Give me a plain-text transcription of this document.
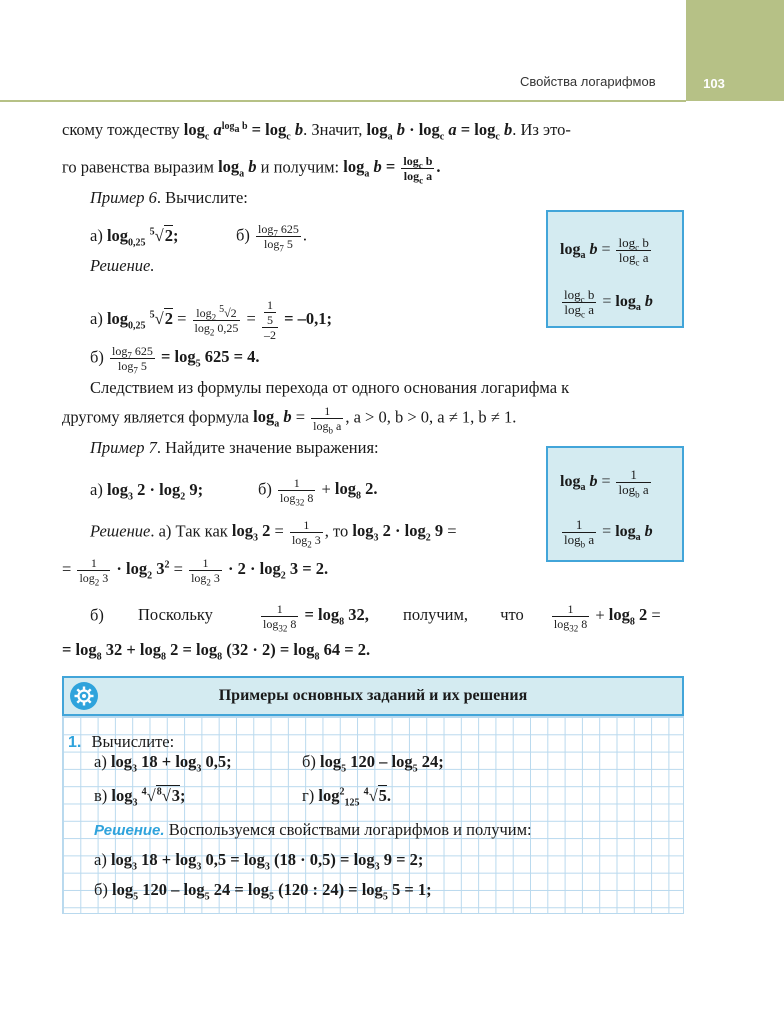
Свойства логарифмов	103
скому тождеству $\log_c a^{log_a b} = \log_c b$. Значит, $\log_a b \cdot \log_c a = \log_c b$. Из это-
го равенства выразим $\log_a b$ и получим: $\log_a b = \frac{\log_c b}{\log_c a}$ .
Пример 6. Вычислите:
а) $\log_{0,25} ^5√2$;	$б) \frac{\log_7 625}{\log_7 5}$ .
Решение.
а) $\log_{0,25} ^5√2 = \frac{\log_2 ^5√2}{\log_2 0,25} = 1$
5
–2 = –0,1;
$б) \frac{\log_7 625}{\log_7 5} = \log_5 625 = 4$.
$\log_a b = \frac{\log_c b}{\log_c a}$
$\frac{\log_c b}{\log_c a} = \log_a b$
Следствием из формулы перехода от одного основания логарифма к
другому является формула $\log_a b = \frac{1}{\log_b a}$ , a > 0, b > 0, a ≠ 1, b ≠ 1.
Пример 7. Найдите значение выражения:
а) $\log_3 2 \cdot \log_2 9$;	$б) \frac{1}{\log_{32} 8} + \log_8 2$.
Решение. а) Так как $\log_3 2 = \frac{1}{\log_2 3}$ , то $\log_3 2 \cdot \log_2 9$ =
= $\frac{1}{\log_2 3} \cdot \log_2 3^2 = \frac{1}{\log_2 3} \cdot 2 \cdot \log_2 3 = 2$.
$\log_a b = \frac{1}{\log_b a}$
$\frac{1}{\log_b a} = \log_a b$
б) Поскольку	$\frac{1}{\log_{32} 8} = \log_8 32$, получим, что $\frac{1}{\log_{32} 8} + \log_8 2$ =
= $\log_8 32 + \log_8 2 = \log_8 (32 \cdot 2) = \log_8 64 = 2$.
Примеры основных заданий и их решения
1. Вычислите:
а) $\log_3 18 + \log_3 0,5$;	б) $\log_5 120 - \log_5 24$;
в) $\log_3 ^4√^8√3$;	г) $\log^2_{125} ^4√5$.
Решение. Воспользуемся свойствами логарифмов и получим:
а) $\log_3 18 + \log_3 0,5 = \log_3 (18 \cdot 0,5) = \log_3 9 = 2$;
б) $\log_5 120 - \log_5 24 = \log_5 (120$ : $24) = \log_5 5 = 1$;
